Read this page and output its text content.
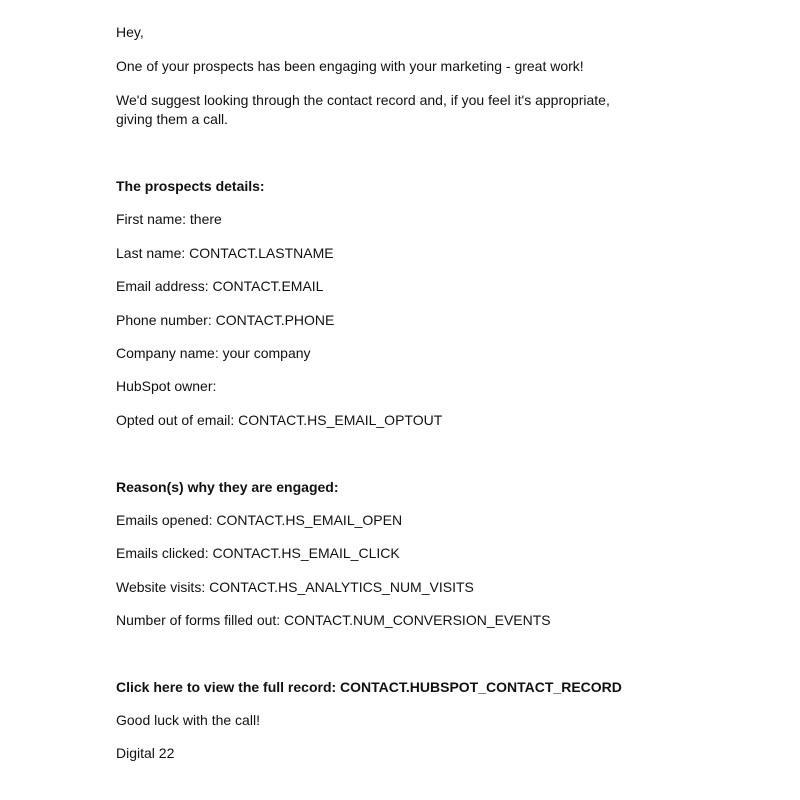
Hey,
One of your prospects has been engaging with your marketing - great work!
We'd suggest looking through the contact record and, if you feel it's appropriate, giving them a call.
The prospects details:
First name: there
Last name: CONTACT.LASTNAME
Email address: CONTACT.EMAIL
Phone number: CONTACT.PHONE
Company name: your company
HubSpot owner:
Opted out of email: CONTACT.HS_EMAIL_OPTOUT
Reason(s) why they are engaged:
Emails opened: CONTACT.HS_EMAIL_OPEN
Emails clicked: CONTACT.HS_EMAIL_CLICK
Website visits: CONTACT.HS_ANALYTICS_NUM_VISITS
Number of forms filled out: CONTACT.NUM_CONVERSION_EVENTS
Click here to view the full record: CONTACT.HUBSPOT_CONTACT_RECORD
Good luck with the call!
Digital 22
